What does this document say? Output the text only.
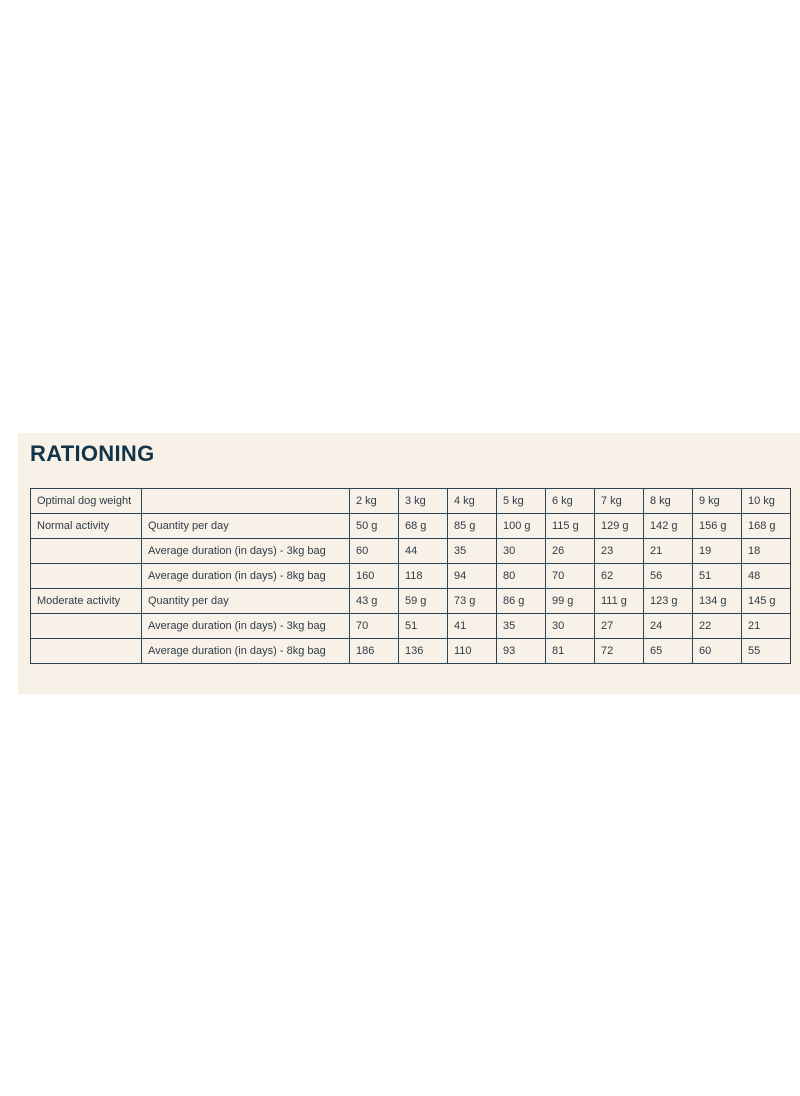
RATIONING
Optimal dog weight		2 kg	3 kg	4 kg	5 kg	6 kg	7 kg	8 kg	9 kg	10 kg
Normal activity	Quantity per day	50 g	68 g	85 g	100 g	115 g	129 g	142 g	156 g	168 g
	Average duration (in days) - 3kg bag	60	44	35	30	26	23	21	19	18
	Average duration (in days) - 8kg bag	160	118	94	80	70	62	56	51	48
Moderate activity	Quantity per day	43 g	59 g	73 g	86 g	99 g	111 g	123 g	134 g	145 g
	Average duration (in days) - 3kg bag	70	51	41	35	30	27	24	22	21
	Average duration (in days) - 8kg bag	186	136	110	93	81	72	65	60	55
